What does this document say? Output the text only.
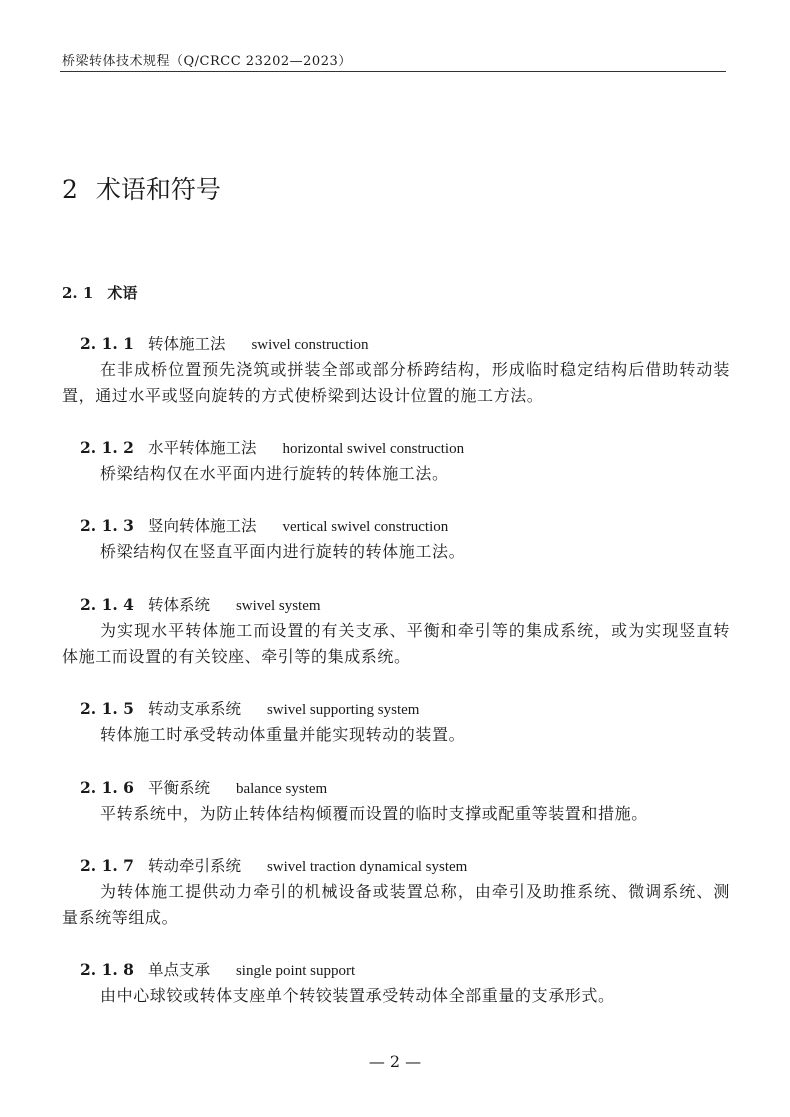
桥梁转体技术规程（Q/CRCC 23202—2023）
2 术语和符号
2. 1 术语
2. 1. 1 转体施工法 swivel construction

在非成桥位置预先浇筑或拼装全部或部分桥跨结构，形成临时稳定结构后借助转动装置，通过水平或竖向旋转的方式使桥梁到达设计位置的施工方法。

2. 1. 2 水平转体施工法 horizontal swivel construction

桥梁结构仅在水平面内进行旋转的转体施工法。

2. 1. 3 竖向转体施工法 vertical swivel construction

桥梁结构仅在竖直平面内进行旋转的转体施工法。

2. 1. 4 转体系统 swivel system

为实现水平转体施工而设置的有关支承、平衡和牵引等的集成系统，或为实现竖直转体施工而设置的有关铰座、牵引等的集成系统。

2. 1. 5 转动支承系统 swivel supporting system

转体施工时承受转动体重量并能实现转动的装置。

2. 1. 6 平衡系统 balance system

平转系统中，为防止转体结构倾覆而设置的临时支撑或配重等装置和措施。

2. 1. 7 转动牵引系统 swivel traction dynamical system

为转体施工提供动力牵引的机械设备或装置总称，由牵引及助推系统、微调系统、测量系统等组成。

2. 1. 8 单点支承 single point support

由中心球铰或转体支座单个转铰装置承受转动体全部重量的支承形式。

— 2 —
